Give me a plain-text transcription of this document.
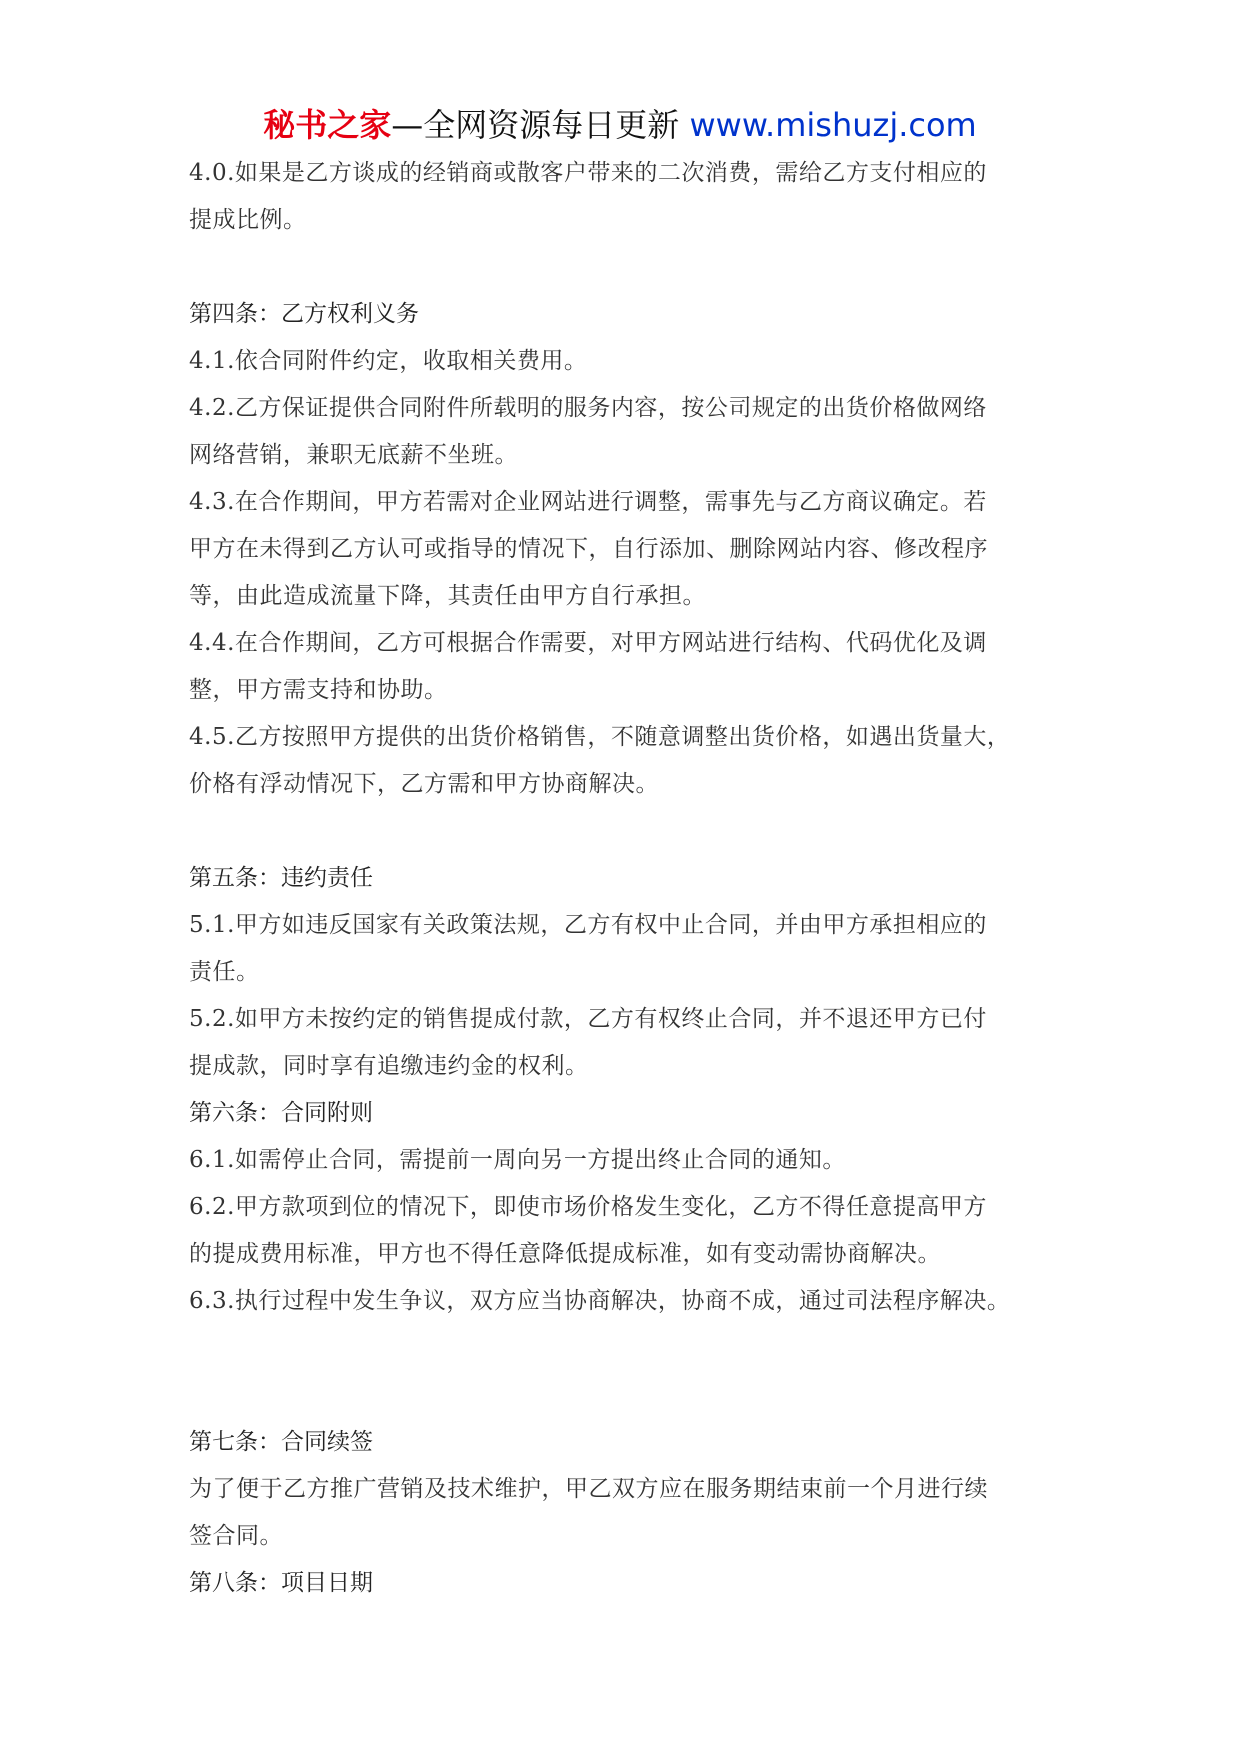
秘书之家—全网资源每日更新 www.mishuzj.com
4.0.如果是乙方谈成的经销商或散客户带来的二次消费，需给乙方支付相应的
提成比例。
第四条：乙方权利义务
4.1.依合同附件约定，收取相关费用。
4.2.乙方保证提供合同附件所载明的服务内容，按公司规定的出货价格做网络
网络营销，兼职无底薪不坐班。
4.3.在合作期间，甲方若需对企业网站进行调整，需事先与乙方商议确定。若
甲方在未得到乙方认可或指导的情况下，自行添加、删除网站内容、修改程序
等，由此造成流量下降，其责任由甲方自行承担。
4.4.在合作期间，乙方可根据合作需要，对甲方网站进行结构、代码优化及调
整，甲方需支持和协助。
4.5.乙方按照甲方提供的出货价格销售，不随意调整出货价格，如遇出货量大，
价格有浮动情况下，乙方需和甲方协商解决。
第五条：违约责任
5.1.甲方如违反国家有关政策法规，乙方有权中止合同，并由甲方承担相应的
责任。
5.2.如甲方未按约定的销售提成付款，乙方有权终止合同，并不退还甲方已付
提成款，同时享有追缴违约金的权利。
第六条：合同附则
6.1.如需停止合同，需提前一周向另一方提出终止合同的通知。
6.2.甲方款项到位的情况下，即使市场价格发生变化，乙方不得任意提高甲方
的提成费用标准，甲方也不得任意降低提成标准，如有变动需协商解决。
6.3.执行过程中发生争议，双方应当协商解决，协商不成，通过司法程序解决。
第七条：合同续签
为了便于乙方推广营销及技术维护，甲乙双方应在服务期结束前一个月进行续
签合同。
第八条：项目日期
